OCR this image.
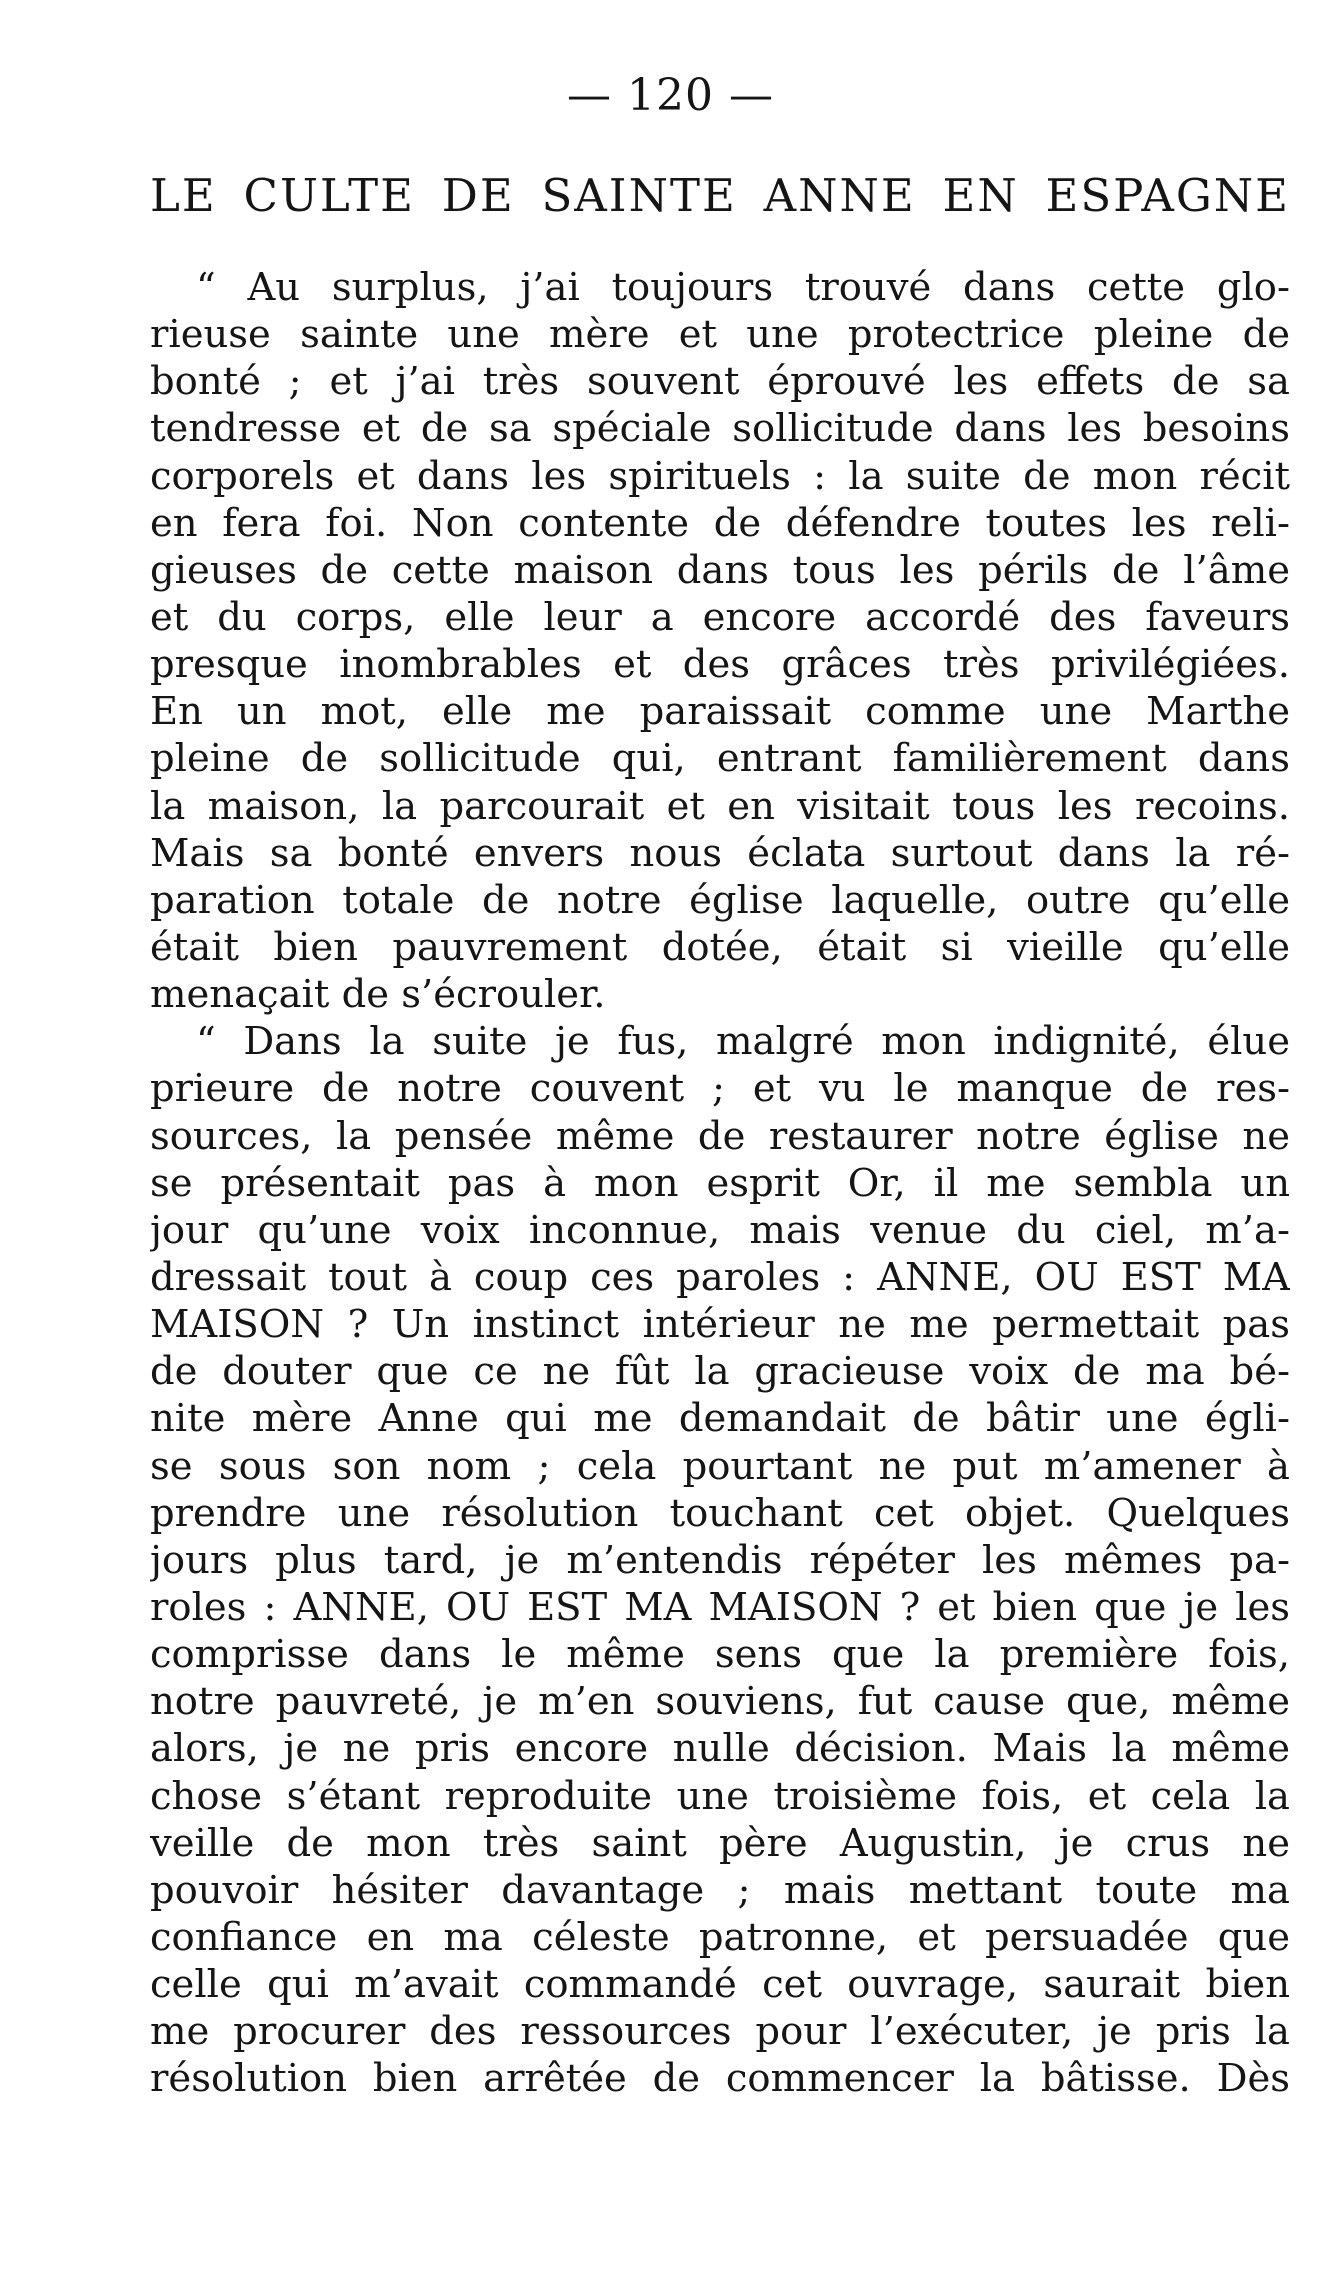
— 120 —
LE CULTE DE SAINTE ANNE EN ESPAGNE
“ Au surplus, j’ai toujours trouvé dans cette glo-
rieuse sainte une mère et une protectrice pleine de
bonté ; et j’ai très souvent éprouvé les effets de sa
tendresse et de sa spéciale sollicitude dans les besoins
corporels et dans les spirituels : la suite de mon récit
en fera foi. Non contente de défendre toutes les reli-
gieuses de cette maison dans tous les périls de l’âme
et du corps, elle leur a encore accordé des faveurs
presque inombrables et des grâces très privilégiées.
En un mot, elle me paraissait comme une Marthe
pleine de sollicitude qui, entrant familièrement dans
la maison, la parcourait et en visitait tous les recoins.
Mais sa bonté envers nous éclata surtout dans la ré-
paration totale de notre église laquelle, outre qu’elle
était bien pauvrement dotée, était si vieille qu’elle
menaçait de s’écrouler.
“ Dans la suite je fus, malgré mon indignité, élue
prieure de notre couvent ; et vu le manque de res-
sources, la pensée même de restaurer notre église ne
se présentait pas à mon esprit Or, il me sembla un
jour qu’une voix inconnue, mais venue du ciel, m’a-
dressait tout à coup ces paroles : ANNE, OU EST MA
MAISON ? Un instinct intérieur ne me permettait pas
de douter que ce ne fût la gracieuse voix de ma bé-
nite mère Anne qui me demandait de bâtir une égli-
se sous son nom ; cela pourtant ne put m’amener à
prendre une résolution touchant cet objet. Quelques
jours plus tard, je m’entendis répéter les mêmes pa-
roles : ANNE, OU EST MA MAISON ? et bien que je les
comprisse dans le même sens que la première fois,
notre pauvreté, je m’en souviens, fut cause que, même
alors, je ne pris encore nulle décision. Mais la même
chose s’étant reproduite une troisième fois, et cela la
veille de mon très saint père Augustin, je crus ne
pouvoir hésiter davantage ; mais mettant toute ma
confiance en ma céleste patronne, et persuadée que
celle qui m’avait commandé cet ouvrage, saurait bien
me procurer des ressources pour l’exécuter, je pris la
résolution bien arrêtée de commencer la bâtisse. Dès
